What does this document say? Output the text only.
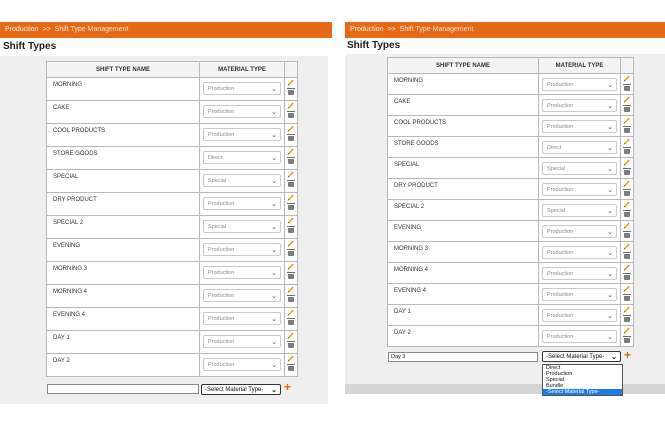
Production >> Shift Type Management
Shift Types
SHIFT TYPE NAME	MATERIAL TYPE	
MORNING	Production ⌄

CAKE	Production ⌄

COOL PRODUCTS	Production ⌄

STORE GOODS	Direct ⌄

SPECIAL	Special ⌄

DRY PRODUCT	Production ⌄

SPECIAL 2	Special ⌄

EVENING	Production ⌄

MORNING 3	Production ⌄

MORNING 4	Production ⌄

EVENING 4	Production ⌄

DAY 1	Production ⌄

DAY 2	Production ⌄

-Select Material Type- ⌄ +
Production >> Shift Type Management
Shift Types
SHIFT TYPE NAME	MATERIAL TYPE	
MORNING	Production ⌄

CAKE	Production ⌄

COOL PRODUCTS	Production ⌄

STORE GOODS	Direct ⌄

SPECIAL	Special ⌄

DRY PRODUCT	Production ⌄

SPECIAL 2	Special ⌄

EVENING	Production ⌄

MORNING 3	Production ⌄

MORNING 4	Production ⌄

EVENING 4	Production ⌄

DAY 1	Production ⌄

DAY 2	Production ⌄

Day 3	-Select Material Type- ⌄ +
Direct
Production
Special
Bundle
-Select Material Type-
